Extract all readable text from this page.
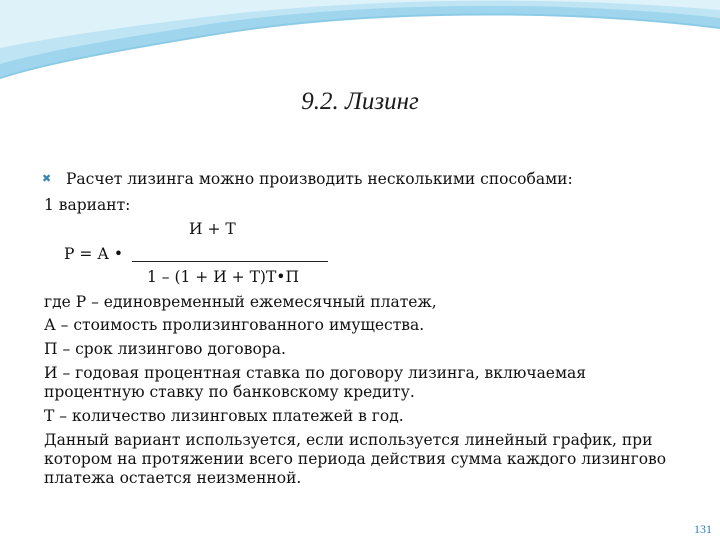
9.2. Лизинг
✖ Расчет лизинга можно производить несколькими способами:
1 вариант:
И + Т
Р = А •
1 – (1 + И + Т)Т•П
где Р – единовременный ежемесячный платеж,
А – стоимость пролизингованного имущества.
П – срок лизингово договора.
И – годовая процентная ставка по договору лизинга, включаемая
процентную ставку по банковскому кредиту.
Т – количество лизинговых платежей в год.
Данный вариант используется, если используется линейный график, при
котором на протяжении всего периода действия сумма каждого лизингово
платежа остается неизменной.
131
